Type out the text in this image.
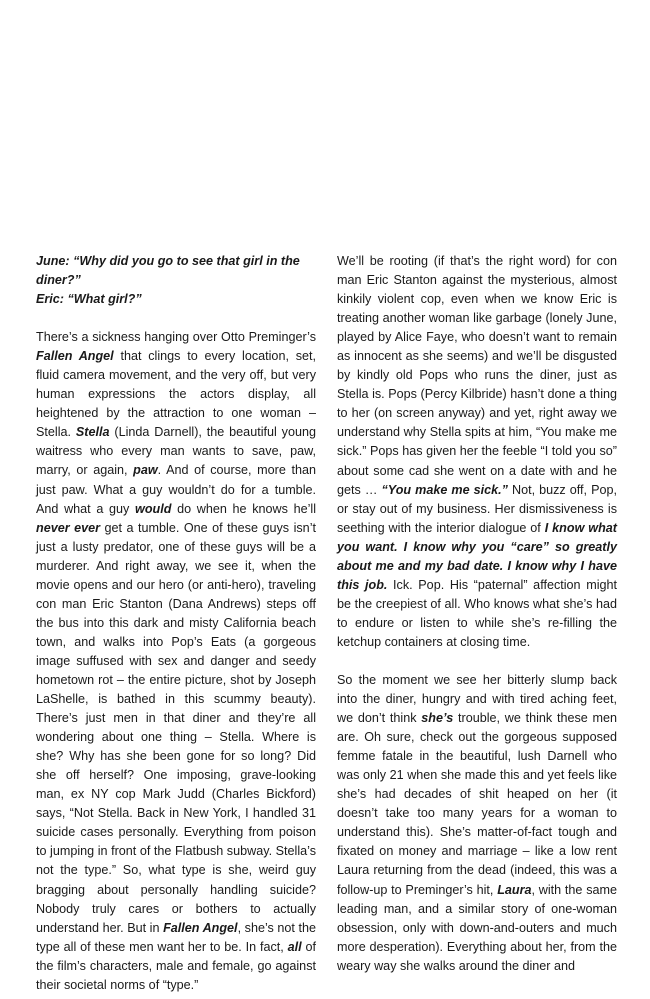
June: “Why did you go to see that girl in the diner?”
Eric: “What girl?”

There’s a sickness hanging over Otto Preminger’s Fallen Angel that clings to every location, set, fluid camera movement, and the very off, but very human expressions the actors display, all heightened by the attraction to one woman – Stella. Stella (Linda Darnell), the beautiful young waitress who every man wants to save, paw, marry, or again, paw. And of course, more than just paw. What a guy wouldn’t do for a tumble. And what a guy would do when he knows he’ll never ever get a tumble. One of these guys isn’t just a lusty predator, one of these guys will be a murderer. And right away, we see it, when the movie opens and our hero (or anti-hero), traveling con man Eric Stanton (Dana Andrews) steps off the bus into this dark and misty California beach town, and walks into Pop’s Eats (a gorgeous image suffused with sex and danger and seedy hometown rot – the entire picture, shot by Joseph LaShelle, is bathed in this scummy beauty). There’s just men in that diner and they’re all wondering about one thing – Stella. Where is she? Why has she been gone for so long? Did she off herself? One imposing, grave-looking man, ex NY cop Mark Judd (Charles Bickford) says, “Not Stella. Back in New York, I handled 31 suicide cases personally. Everything from poison to jumping in front of the Flatbush subway. Stella’s not the type.” So, what type is she, weird guy bragging about personally handling suicide? Nobody truly cares or bothers to actually understand her. But in Fallen Angel, she’s not the type all of these men want her to be. In fact, all of the film’s characters, male and female, go against their societal norms of “type.”

We’ll be rooting (if that’s the right word) for con man Eric Stanton against the mysterious, almost kinkily violent cop, even when we know Eric is treating another woman like garbage (lonely June, played by Alice Faye, who doesn’t want to remain as innocent as she seems) and we’ll be disgusted by kindly old Pops who runs the diner, just as Stella is. Pops (Percy Kilbride) hasn’t done a thing to her (on screen anyway) and yet, right away we understand why Stella spits at him, “You make me sick.” Pops has given her the feeble “I told you so” about some cad she went on a date with and he gets … “You make me sick.” Not, buzz off, Pop, or stay out of my business. Her dismissiveness is seething with the interior dialogue of I know what you want. I know why you “care” so greatly about me and my bad date. I know why I have this job. Ick. Pop. His “paternal” affection might be the creepiest of all. Who knows what she’s had to endure or listen to while she’s re-filling the ketchup containers at closing time.

So the moment we see her bitterly slump back into the diner, hungry and with tired aching feet, we don’t think she’s trouble, we think these men are. Oh sure, check out the gorgeous supposed femme fatale in the beautiful, lush Darnell who was only 21 when she made this and yet feels like she’s had decades of shit heaped on her (it doesn’t take too many years for a woman to understand this). She’s matter-of-fact tough and fixated on money and marriage – like a low rent Laura returning from the dead (indeed, this was a follow-up to Preminger’s hit, Laura, with the same leading man, and a similar story of one-woman obsession, only with down-and-outers and much more desperation). Everything about her, from the weary way she walks around the diner and
